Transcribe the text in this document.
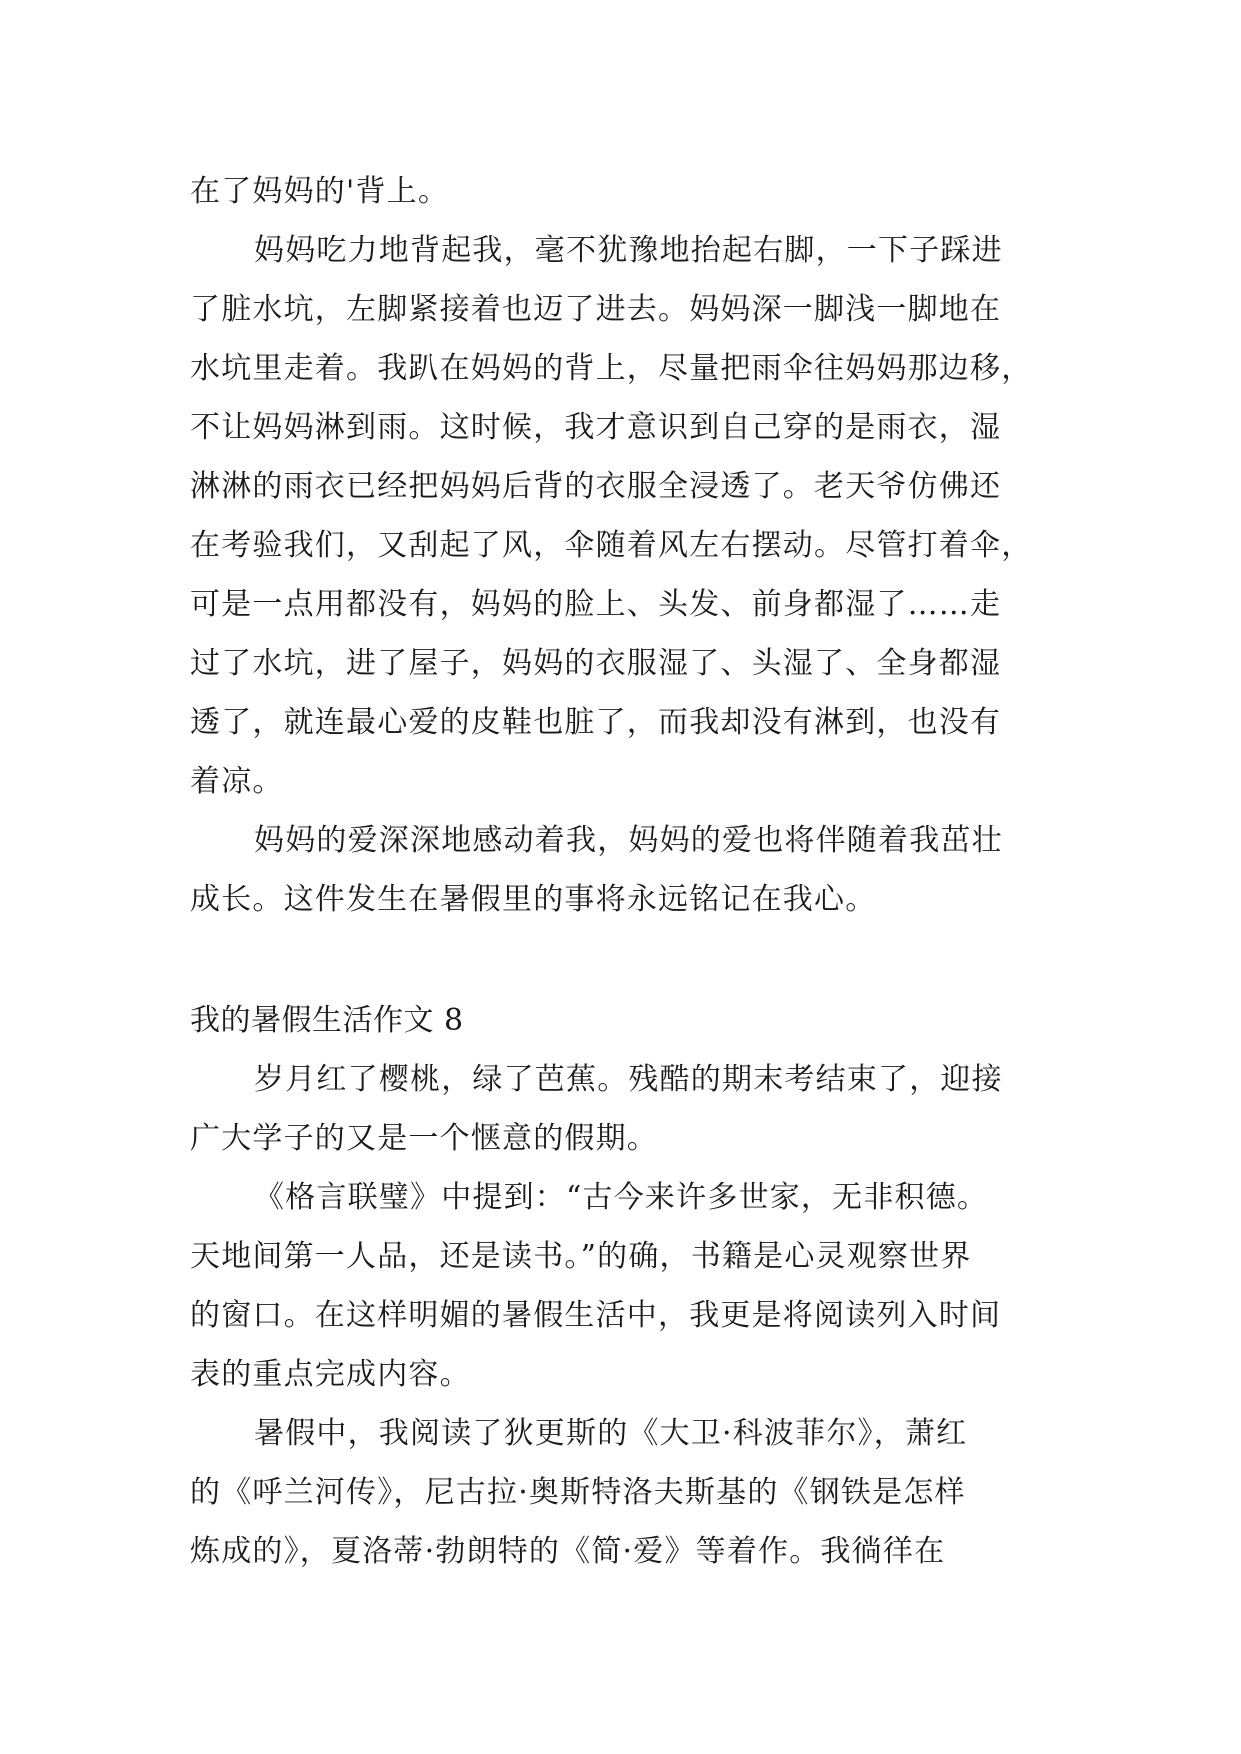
在了妈妈的'背上。
妈妈吃力地背起我，毫不犹豫地抬起右脚，一下子踩进
了脏水坑，左脚紧接着也迈了进去。妈妈深一脚浅一脚地在
水坑里走着。我趴在妈妈的背上，尽量把雨伞往妈妈那边移，
不让妈妈淋到雨。这时候，我才意识到自己穿的是雨衣，湿
淋淋的雨衣已经把妈妈后背的衣服全浸透了。老天爷仿佛还
在考验我们，又刮起了风，伞随着风左右摆动。尽管打着伞，
可是一点用都没有，妈妈的脸上、头发、前身都湿了……走
过了水坑，进了屋子，妈妈的衣服湿了、头湿了、全身都湿
透了，就连最心爱的皮鞋也脏了，而我却没有淋到，也没有
着凉。
妈妈的爱深深地感动着我，妈妈的爱也将伴随着我茁壮
成长。这件发生在暑假里的事将永远铭记在我心。
我的暑假生活作文 8
岁月红了樱桃，绿了芭蕉。残酷的期末考结束了，迎接
广大学子的又是一个惬意的假期。
《格言联璧》中提到：“古今来许多世家，无非积德。
天地间第一人品，还是读书。”的确，书籍是心灵观察世界
的窗口。在这样明媚的暑假生活中，我更是将阅读列入时间
表的重点完成内容。
暑假中，我阅读了狄更斯的《大卫·科波菲尔》，萧红
的《呼兰河传》，尼古拉·奥斯特洛夫斯基的《钢铁是怎样
炼成的》，夏洛蒂·勃朗特的《简·爱》等着作。我徜徉在
